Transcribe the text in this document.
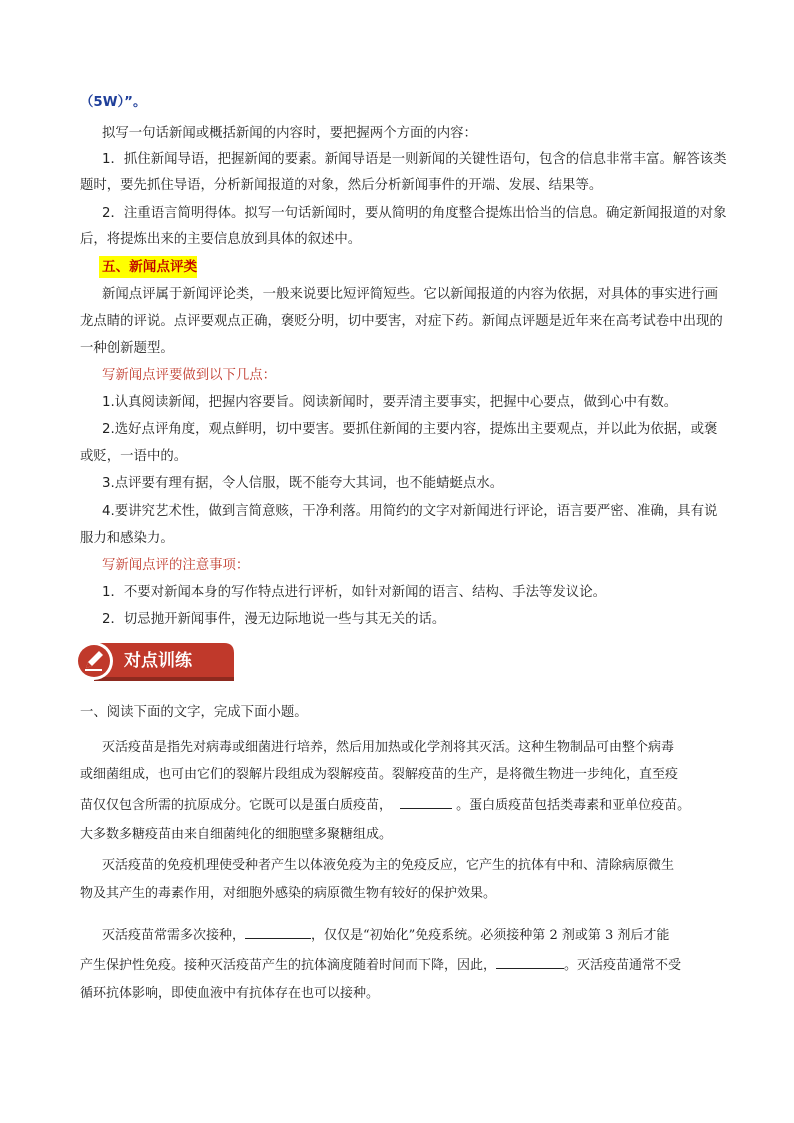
（5W）”。
拟写一句话新闻或概括新闻的内容时，要把握两个方面的内容：
1．抓住新闻导语，把握新闻的要素。新闻导语是一则新闻的关键性语句，包含的信息非常丰富。解答该类
题时，要先抓住导语，分析新闻报道的对象，然后分析新闻事件的开端、发展、结果等。
2．注重语言简明得体。拟写一句话新闻时，要从简明的角度整合提炼出恰当的信息。确定新闻报道的对象
后，将提炼出来的主要信息放到具体的叙述中。
五、新闻点评类
新闻点评属于新闻评论类，一般来说要比短评简短些。它以新闻报道的内容为依据，对具体的事实进行画
龙点睛的评说。点评要观点正确，褒贬分明，切中要害，对症下药。新闻点评题是近年来在高考试卷中出现的
一种创新题型。
写新闻点评要做到以下几点：
1.认真阅读新闻，把握内容要旨。阅读新闻时，要弄清主要事实，把握中心要点，做到心中有数。
2.选好点评角度，观点鲜明，切中要害。要抓住新闻的主要内容，提炼出主要观点，并以此为依据，或褒
或贬，一语中的。
3.点评要有理有据，令人信服，既不能夸大其词，也不能蜻蜓点水。
4.要讲究艺术性，做到言简意赅，干净利落。用简约的文字对新闻进行评论，语言要严密、准确，具有说
服力和感染力。
写新闻点评的注意事项：
1．不要对新闻本身的写作特点进行评析，如针对新闻的语言、结构、手法等发议论。
2．切忌抛开新闻事件，漫无边际地说一些与其无关的话。
对点训练
一、阅读下面的文字，完成下面小题。
灭活疫苗是指先对病毒或细菌进行培养，然后用加热或化学剂将其灭活。这种生物制品可由整个病毒
或细菌组成，也可由它们的裂解片段组成为裂解疫苗。裂解疫苗的生产，是将微生物进一步纯化，直至疫
苗仅仅包含所需的抗原成分。它既可以是蛋白质疫苗，	。蛋白质疫苗包括类毒素和亚单位疫苗。
大多数多糖疫苗由来自细菌纯化的细胞壁多聚糖组成。
灭活疫苗的免疫机理使受种者产生以体液免疫为主的免疫反应，它产生的抗体有中和、清除病原微生
物及其产生的毒素作用，对细胞外感染的病原微生物有较好的保护效果。
灭活疫苗常需多次接种，	，仅仅是“初始化”免疫系统。必须接种第 2 剂或第 3 剂后才能
产生保护性免疫。接种灭活疫苗产生的抗体滴度随着时间而下降，因此，	。灭活疫苗通常不受
循环抗体影响，即使血液中有抗体存在也可以接种。
